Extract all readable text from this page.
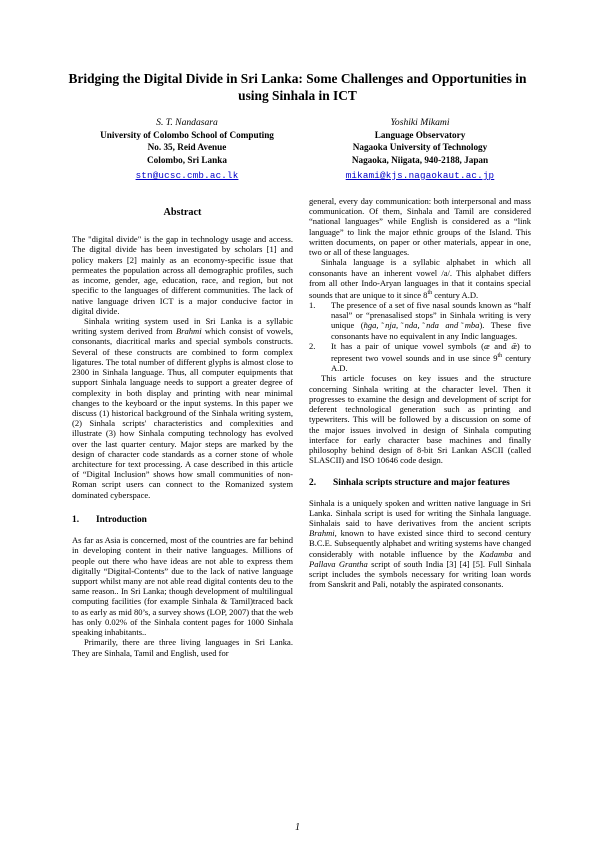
Bridging the Digital Divide in Sri Lanka: Some Challenges and Opportunities in using Sinhala in ICT
S. T. Nandasara
University of Colombo School of Computing
No. 35, Reid Avenue
Colombo, Sri Lanka
stn@ucsc.cmb.ac.lk
Yoshiki Mikami
Language Observatory
Nagaoka University of Technology
Nagaoka, Niigata, 940-2188, Japan
mikami@kjs.nagaokaut.ac.jp
Abstract

The "digital divide" is the gap in technology usage and access. The digital divide has been investigated by scholars [1] and policy makers [2] mainly as an economy-specific issue that permeates the population across all demographic profiles, such as income, gender, age, education, race, and region, but not specific to the languages of different communities. The lack of native language driven ICT is a major conducive factor in digital divide.

Sinhala writing system used in Sri Lanka is a syllabic writing system derived from Brahmi which consist of vowels, consonants, diacritical marks and special symbols constructs. Several of these constructs are combined to form complex ligatures. The total number of different glyphs is almost close to 2300 in Sinhala language. Thus, all computer equipments that support Sinhala language needs to support a greater degree of complexity in both display and printing with near minimal changes to the keyboard or the input systems. In this paper we discuss (1) historical background of the Sinhala writing system, (2) Sinhala scripts' characteristics and complexities and illustrate (3) how Sinhala computing technology has evolved over the last quarter century. Major steps are marked by the design of character code standards as a corner stone of whole architecture for text processing. A case described in this article of “Digital Inclusion” shows how small communities of non-Roman script users can connect to the Romanized system dominated cyberspace.

1.	Introduction

As far as Asia is concerned, most of the countries are far behind in developing content in their native languages. Millions of people out there who have ideas are not able to express them digitally “Digital-Contents” due to the lack of native language support whilst many are not able read digital contents deu to the same reason.. In Sri Lanka; though development of multilingual computing facilities (for example Sinhala & Tamil)traced back to as early as mid 80’s, a survey shows (LOP, 2007) that the web has only 0.02% of the Sinhala content pages for 1000 Sinhala speaking inhabitants..

Primarily, there are three living languages in Sri Lanka. They are Sinhala, Tamil and English, used for

general, every day communication: both interpersonal and mass communication. Of them, Sinhala and Tamil are considered “national languages” while English is considered as a “link language” to link the major ethnic groups of the Island. This written documents, on paper or other materials, appear in one, two or all of these languages.

Sinhala language is a syllabic alphabet in which all consonants have an inherent vowel /a/. This alphabet differs from all other Indo-Aryan languages in that it contains special sounds that are unique to it since 8th century A.D.

1.	The presence of a set of five nasal sounds known as “half nasal” or “prenasalised stops” in Sinhala writing is very unique (̃nga, ̃nja, ̃nda, ̃nda and ̃mba). These five consonants have no equivalent in any Indic languages.
2.	It has a pair of unique vowel symbols (æ and ǣ) to represent two vowel sounds and in use since 9th century A.D.

This article focuses on key issues and the structure concerning Sinhala writing at the character level. Then it progresses to examine the design and development of script for deferent technological generation such as printing and typewriters. This will be followed by a discussion on some of the major issues involved in design of Sinhala computing interface for early character base machines and finally philosophy behind design of 8-bit Sri Lankan ASCII (called SLASCII) and ISO 10646 code design.

2.	Sinhala scripts structure and major features

Sinhala is a uniquely spoken and written native language in Sri Lanka. Sinhala script is used for writing the Sinhala language. Sinhalais said to have derivatives from the ancient scripts Brahmi, known to have existed since third to second century B.C.E. Subsequently alphabet and writing systems have changed considerably with notable influence by the Kadamba and Pallava Grantha script of south India [3] [4] [5]. Full Sinhala script includes the symbols necessary for writing loan words from Sanskrit and Pali, notably the aspirated consonants.

1
